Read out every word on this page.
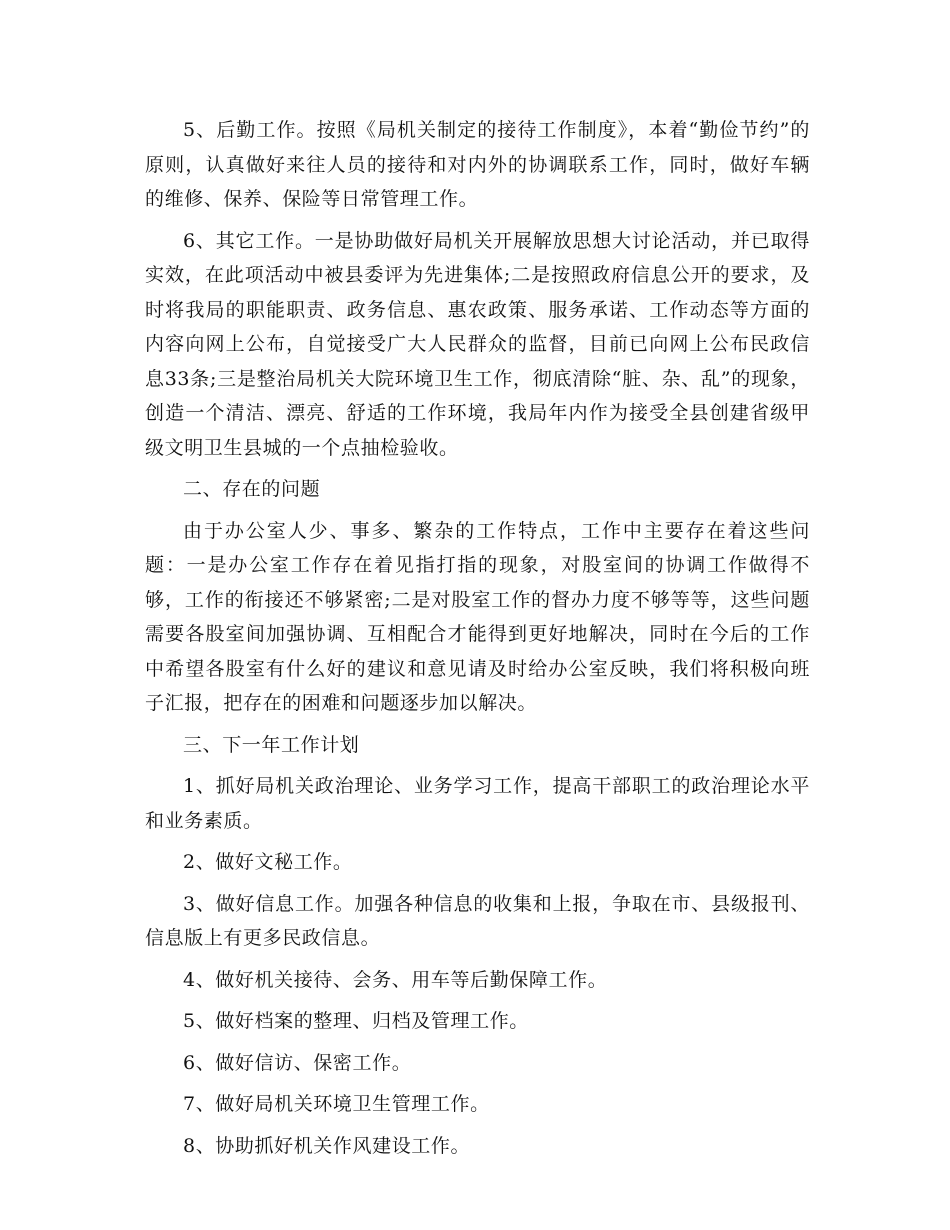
5、后勤工作。按照《局机关制定的接待工作制度》，本着“勤俭节约”的原则，认真做好来往人员的接待和对内外的协调联系工作，同时，做好车辆的维修、保养、保险等日常管理工作。

6、其它工作。一是协助做好局机关开展解放思想大讨论活动，并已取得实效，在此项活动中被县委评为先进集体;二是按照政府信息公开的要求，及时将我局的职能职责、政务信息、惠农政策、服务承诺、工作动态等方面的内容向网上公布，自觉接受广大人民群众的监督，目前已向网上公布民政信息33条;三是整治局机关大院环境卫生工作，彻底清除“脏、杂、乱”的现象，创造一个清洁、漂亮、舒适的工作环境，我局年内作为接受全县创建省级甲级文明卫生县城的一个点抽检验收。

二、存在的问题

由于办公室人少、事多、繁杂的工作特点，工作中主要存在着这些问题：一是办公室工作存在着见指打指的现象，对股室间的协调工作做得不够，工作的衔接还不够紧密;二是对股室工作的督办力度不够等等，这些问题需要各股室间加强协调、互相配合才能得到更好地解决，同时在今后的工作中希望各股室有什么好的建议和意见请及时给办公室反映，我们将积极向班子汇报，把存在的困难和问题逐步加以解决。

三、下一年工作计划

1、抓好局机关政治理论、业务学习工作，提高干部职工的政治理论水平和业务素质。

2、做好文秘工作。

3、做好信息工作。加强各种信息的收集和上报，争取在市、县级报刊、信息版上有更多民政信息。

4、做好机关接待、会务、用车等后勤保障工作。

5、做好档案的整理、归档及管理工作。

6、做好信访、保密工作。

7、做好局机关环境卫生管理工作。

8、协助抓好机关作风建设工作。
